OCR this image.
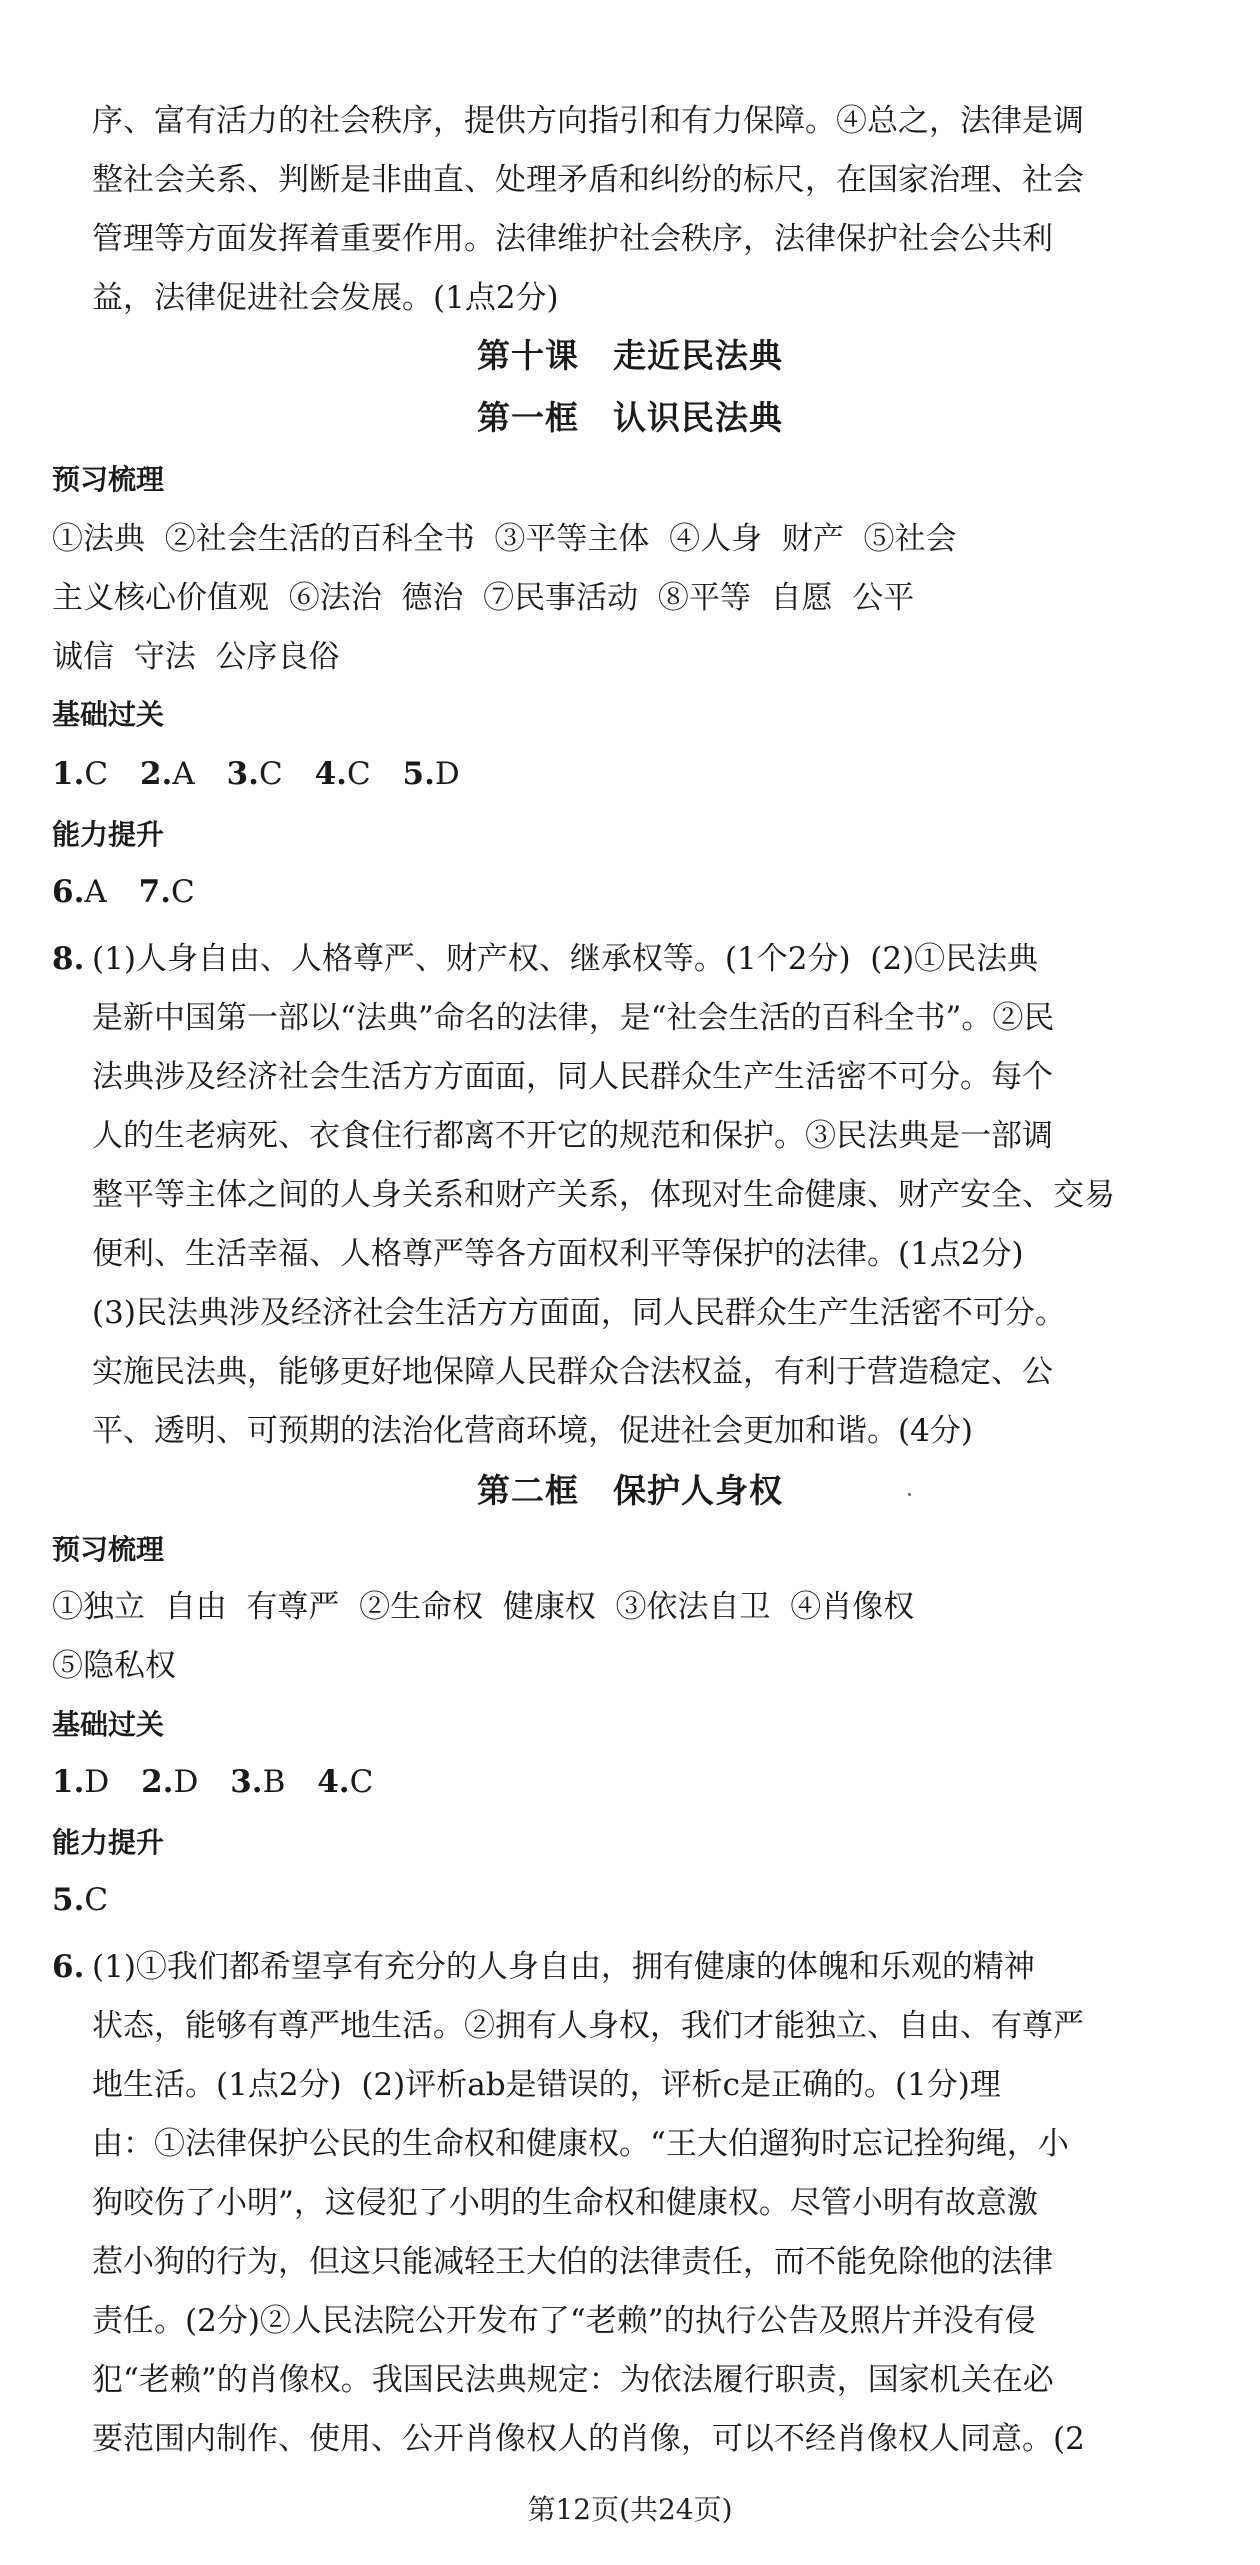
序、富有活力的社会秩序，提供方向指引和有力保障。④总之，法律是调
整社会关系、判断是非曲直、处理矛盾和纠纷的标尺，在国家治理、社会
管理等方面发挥着重要作用。法律维护社会秩序，法律保护社会公共利
益，法律促进社会发展。(1点2分)
第十课 走近民法典
第一框 认识民法典
预习梳理
①法典  ②社会生活的百科全书  ③平等主体  ④人身  财产  ⑤社会
主义核心价值观  ⑥法治  德治  ⑦民事活动  ⑧平等  自愿  公平
诚信  守法  公序良俗
基础过关
1.C 2.A 3.C 4.C 5.D
能力提升
6.A 7.C
8. (1)人身自由、人格尊严、财产权、继承权等。(1个2分)  (2)①民法典
是新中国第一部以“法典”命名的法律，是“社会生活的百科全书”。②民
法典涉及经济社会生活方方面面，同人民群众生产生活密不可分。每个
人的生老病死、衣食住行都离不开它的规范和保护。③民法典是一部调
整平等主体之间的人身关系和财产关系，体现对生命健康、财产安全、交易
便利、生活幸福、人格尊严等各方面权利平等保护的法律。(1点2分)
(3)民法典涉及经济社会生活方方面面，同人民群众生产生活密不可分。
实施民法典，能够更好地保障人民群众合法权益，有利于营造稳定、公
平、透明、可预期的法治化营商环境，促进社会更加和谐。(4分)
第二框 保护人身权
预习梳理
①独立  自由  有尊严  ②生命权  健康权  ③依法自卫  ④肖像权
⑤隐私权
基础过关
1.D 2.D 3.B 4.C
能力提升
5.C
6. (1)①我们都希望享有充分的人身自由，拥有健康的体魄和乐观的精神
状态，能够有尊严地生活。②拥有人身权，我们才能独立、自由、有尊严
地生活。(1点2分)  (2)评析ab是错误的，评析c是正确的。(1分)理
由：①法律保护公民的生命权和健康权。“王大伯遛狗时忘记拴狗绳，小
狗咬伤了小明”，这侵犯了小明的生命权和健康权。尽管小明有故意激
惹小狗的行为，但这只能减轻王大伯的法律责任，而不能免除他的法律
责任。(2分)②人民法院公开发布了“老赖”的执行公告及照片并没有侵
犯“老赖”的肖像权。我国民法典规定：为依法履行职责，国家机关在必
要范围内制作、使用、公开肖像权人的肖像，可以不经肖像权人同意。(2
第12页(共24页)
